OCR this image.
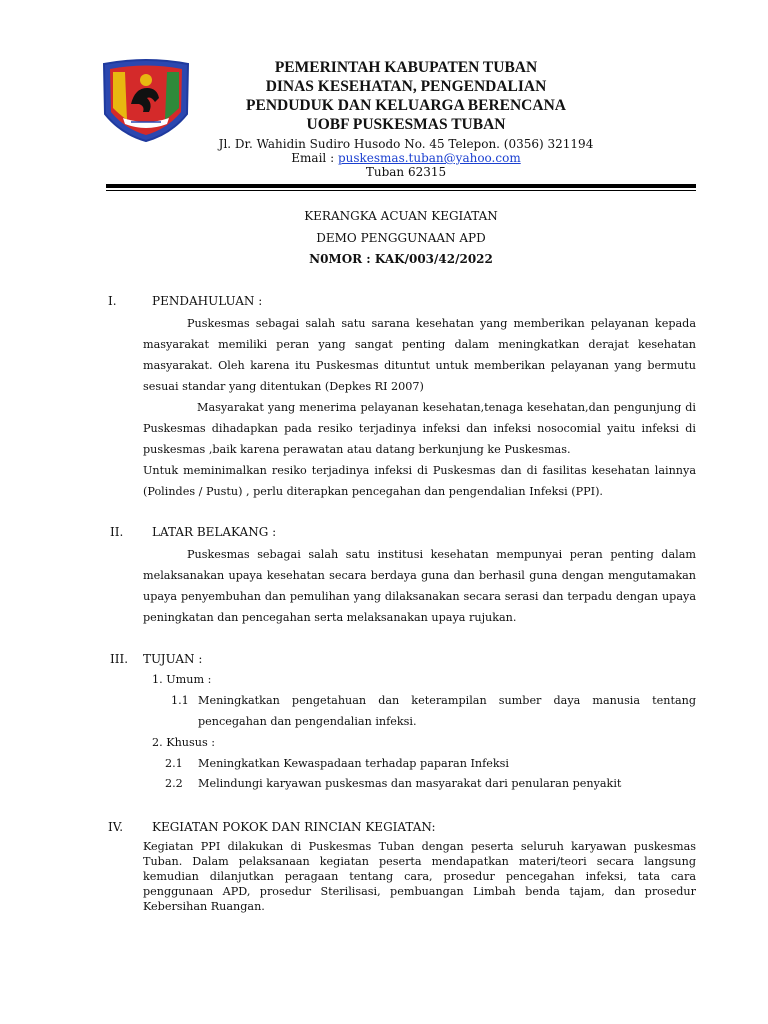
PEMERINTAH KABUPATEN TUBAN

DINAS KESEHATAN, PENGENDALIAN

PENDUDUK DAN KELUARGA BERENCANA

UOBF PUSKESMAS TUBAN

Jl. Dr. Wahidin Sudiro Husodo No. 45 Telepon. (0356) 321194

Email : puskesmas.tuban@yahoo.com

Tuban 62315

KERANGKA ACUAN KEGIATAN
DEMO PENGGUNAAN APD
N0MOR : KAK/003/42/2022
I.	PENDAHULUAN :
Puskesmas sebagai salah satu sarana kesehatan yang memberikan pelayanan kepada masyarakat memiliki peran yang sangat penting dalam meningkatkan derajat kesehatan masyarakat. Oleh karena itu Puskesmas dituntut untuk memberikan pelayanan yang bermutu sesuai standar yang ditentukan (Depkes RI 2007)
Masyarakat yang menerima pelayanan kesehatan,tenaga kesehatan,dan pengunjung di Puskesmas dihadapkan pada resiko terjadinya infeksi dan infeksi nosocomial yaitu infeksi di puskesmas ,baik karena perawatan atau datang berkunjung ke Puskesmas.
Untuk meminimalkan resiko terjadinya infeksi di Puskesmas dan di fasilitas kesehatan lainnya (Polindes / Pustu) , perlu diterapkan pencegahan dan pengendalian Infeksi (PPI).
II. LATAR BELAKANG :
Puskesmas sebagai salah satu institusi kesehatan mempunyai peran penting dalam melaksanakan upaya kesehatan secara berdaya guna dan berhasil guna dengan mengutamakan upaya penyembuhan dan pemulihan yang dilaksanakan secara serasi dan terpadu dengan upaya peningkatan dan pencegahan serta melaksanakan upaya rujukan.
III. TUJUAN :
1. Umum :
1.1 Meningkatkan pengetahuan dan keterampilan sumber daya manusia tentang pencegahan dan pengendalian infeksi.
2. Khusus :
2.1 Meningkatkan Kewaspadaan terhadap paparan Infeksi
2.2 Melindungi karyawan puskesmas dan masyarakat dari penularan penyakit
IV. KEGIATAN POKOK DAN RINCIAN KEGIATAN:
Kegiatan PPI dilakukan di Puskesmas Tuban dengan peserta seluruh karyawan puskesmas Tuban. Dalam pelaksanaan kegiatan peserta mendapatkan materi/teori secara langsung kemudian dilanjutkan peragaan tentang cara, prosedur pencegahan infeksi, tata cara penggunaan APD, prosedur Sterilisasi, pembuangan Limbah benda tajam, dan prosedur Kebersihan Ruangan.
